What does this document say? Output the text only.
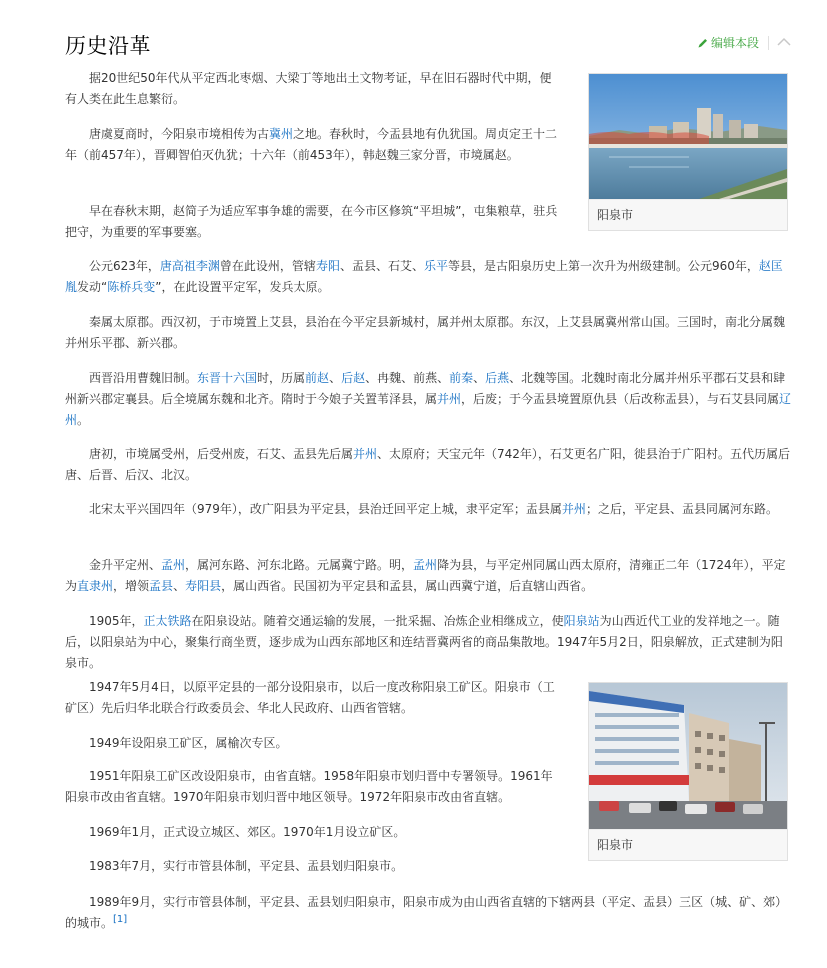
历史沿革	编辑本段
阳泉市
阳泉市

据20世纪50年代从平定西北枣烟、大梁丁等地出土文物考证，早在旧石器时代中期，便有人类在此生息繁衍。

唐虞夏商时，今阳泉市境相传为古冀州之地。春秋时，今盂县地有仇犹国。周贞定王十二年（前457年），晋卿智伯灭仇犹；十六年（前453年），韩赵魏三家分晋，市境属赵。

早在春秋末期，赵简子为适应军事争雄的需要，在今市区修筑“平坦城”，屯集粮草，驻兵把守，为重要的军事要塞。

公元623年，唐高祖李渊曾在此设州，管辖寿阳、盂县、石艾、乐平等县，是古阳泉历史上第一次升为州级建制。公元960年，赵匡胤发动“陈桥兵变”，在此设置平定军，发兵太原。

秦属太原郡。西汉初，于市境置上艾县，县治在今平定县新城村，属并州太原郡。东汉，上艾县属冀州常山国。三国时，南北分属魏并州乐平郡、新兴郡。

西晋沿用曹魏旧制。东晋十六国时，历属前赵、后赵、冉魏、前燕、前秦、后燕、北魏等国。北魏时南北分属并州乐平郡石艾县和肆州新兴郡定襄县。后全境属东魏和北齐。隋时于今娘子关置苇泽县，属并州，后废；于今盂县境置原仇县（后改称盂县），与石艾县同属辽州。

唐初，市境属受州，后受州废，石艾、盂县先后属并州、太原府；天宝元年（742年），石艾更名广阳，徙县治于广阳村。五代历属后唐、后晋、后汉、北汉。

北宋太平兴国四年（979年），改广阳县为平定县，县治迁回平定上城，隶平定军；盂县属并州；之后，平定县、盂县同属河东路。

金升平定州、孟州，属河东路、河东北路。元属冀宁路。明，孟州降为县，与平定州同属山西太原府，清雍正二年（1724年），平定为直隶州，增领孟县、寿阳县，属山西省。民国初为平定县和孟县，属山西冀宁道，后直辖山西省。

1905年，正太铁路在阳泉设站。随着交通运输的发展，一批采掘、冶炼企业相继成立，使阳泉站为山西近代工业的发祥地之一。随后，以阳泉站为中心，聚集行商坐贾，逐步成为山西东部地区和连结晋冀两省的商品集散地。1947年5月2日，阳泉解放，正式建制为阳泉市。

1947年5月4日，以原平定县的一部分设阳泉市，以后一度改称阳泉工矿区。阳泉市（工矿区）先后归华北联合行政委员会、华北人民政府、山西省管辖。

1949年设阳泉工矿区，属榆次专区。

1951年阳泉工矿区改设阳泉市，由省直辖。1958年阳泉市划归晋中专署领导。1961年阳泉市改由省直辖。1970年阳泉市划归晋中地区领导。1972年阳泉市改由省直辖。

1969年1月，正式设立城区、郊区。1970年1月设立矿区。

1983年7月，实行市管县体制，平定县、盂县划归阳泉市。

1989年9月，实行市管县体制，平定县、盂县划归阳泉市，阳泉市成为由山西省直辖的下辖两县（平定、盂县）三区（城、矿、郊）的城市。[1]
